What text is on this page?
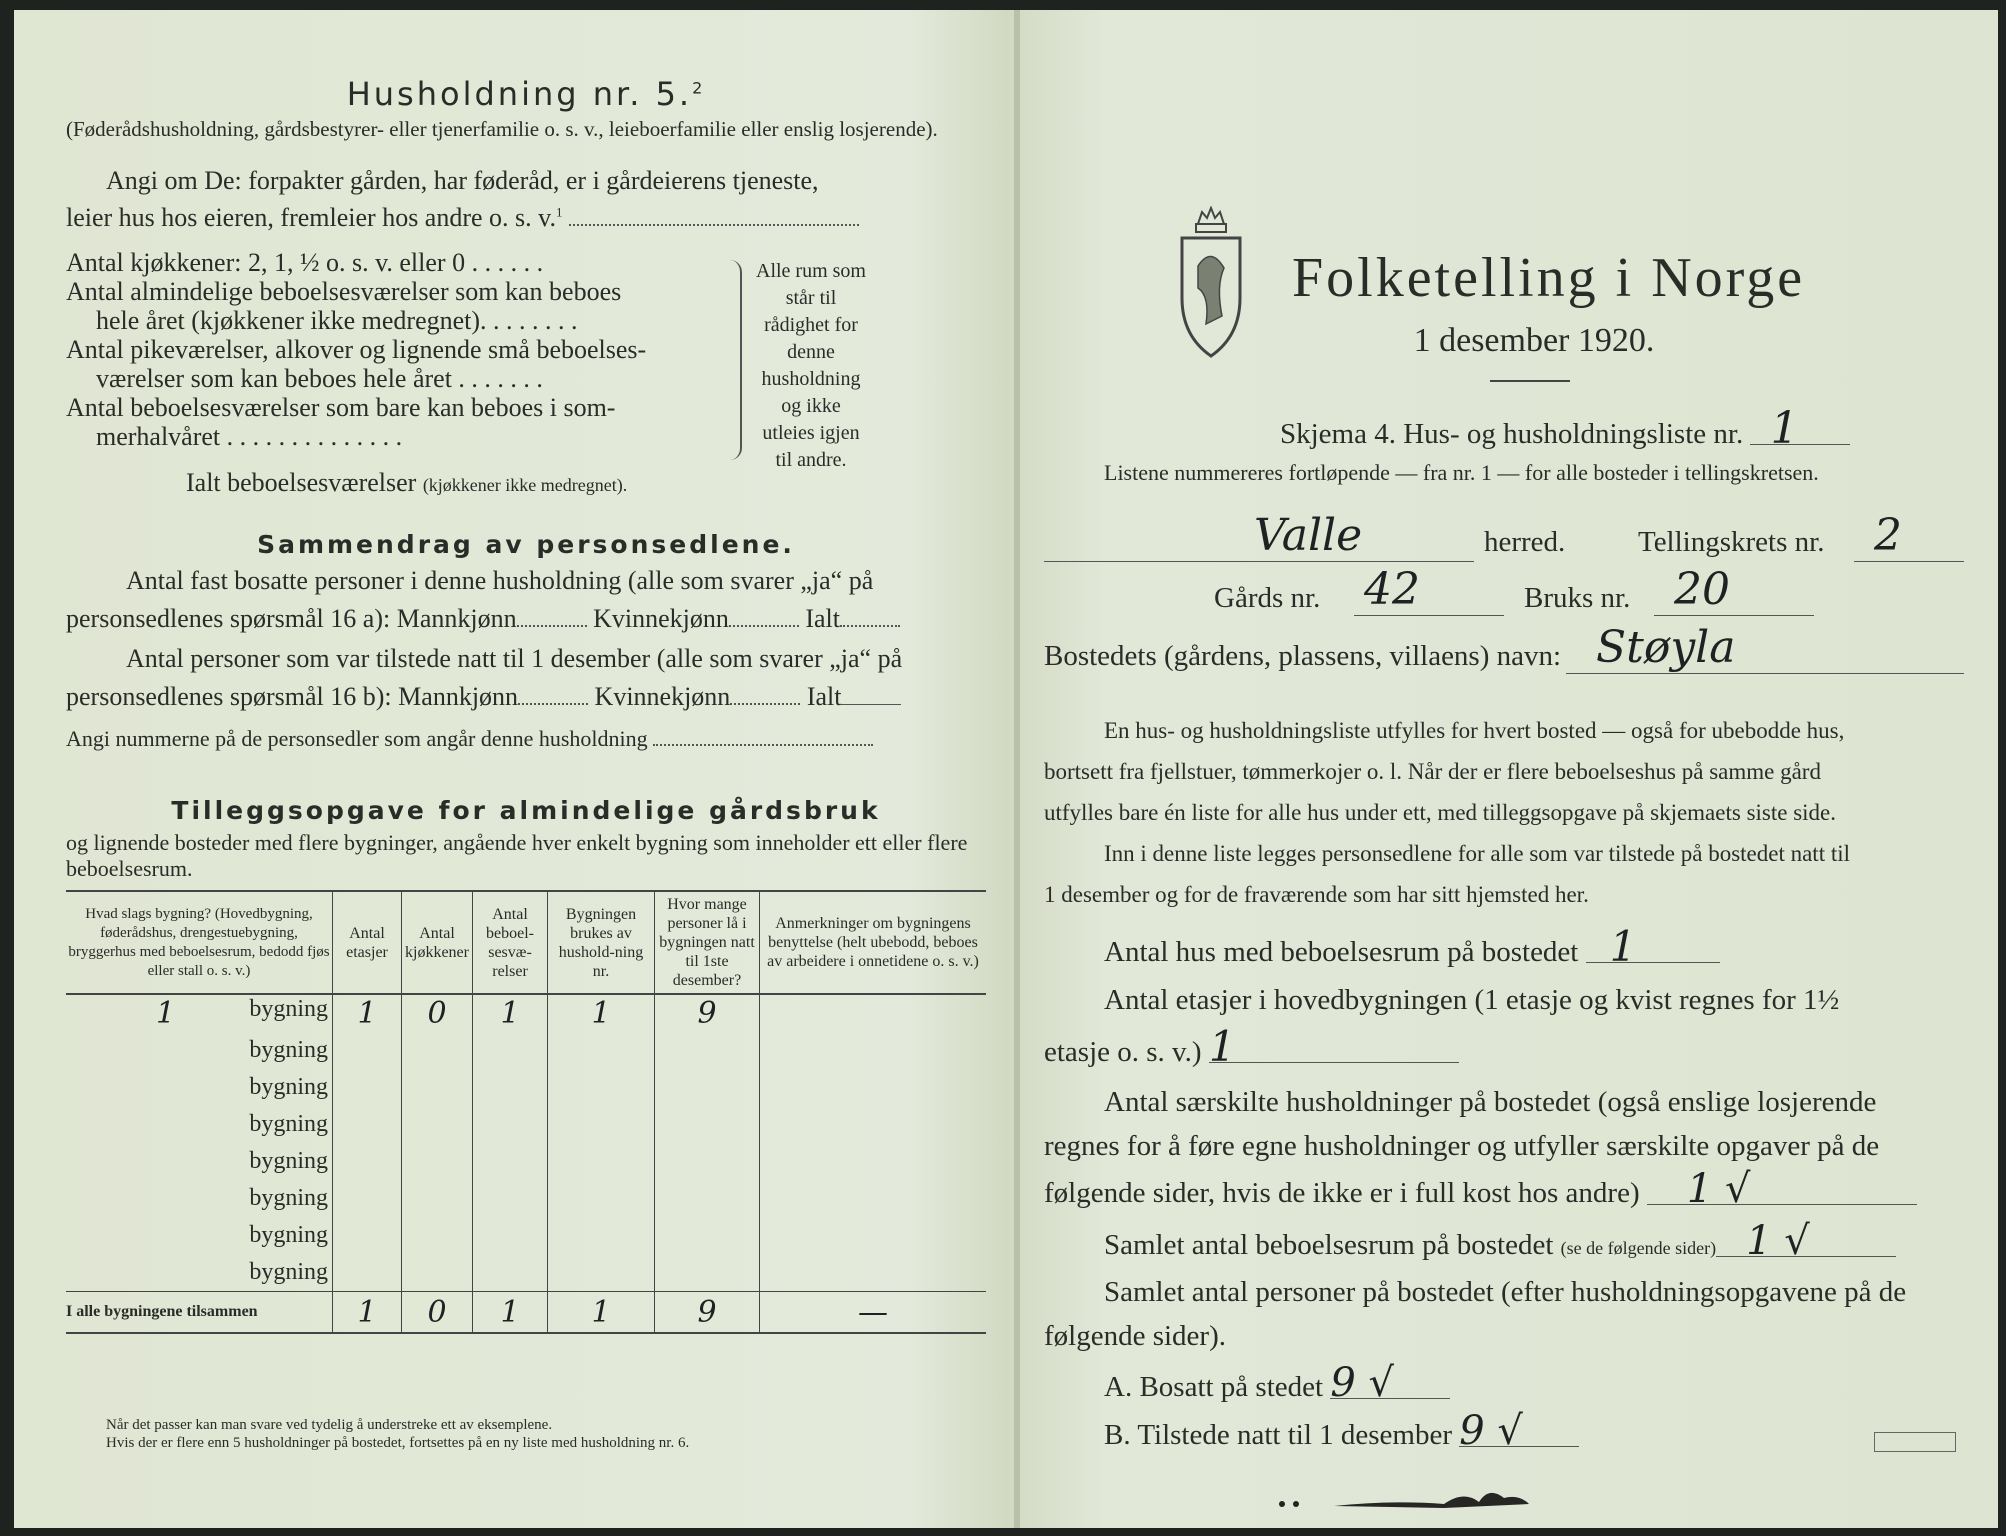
Husholdning nr. 5.$^2$
(Føderådshusholdning, gårdsbestyrer- eller tjenerfamilie o. s. v., leieboerfamilie eller enslig losjerende).
Angi om De: forpakter gården, har føderåd, er i gårdeierens tjeneste,
leier hus hos eieren, fremleier hos andre o. s. v.$^1$
Antal kjøkkener: 2, 1, ½ o. s. v. eller 0 . . . . . .
Antal almindelige beboelsesværelser som kan beboes
hele året (kjøkkener ikke medregnet). . . . . . . .
Antal pikeværelser, alkover og lignende små beboelses-
værelser som kan beboes hele året . . . . . . .
Antal beboelsesværelser som bare kan beboes i som-
merhalvåret . . . . . . . . . . . . . .
Alle rum som står til rådighet for denne husholdning og ikke utleies igjen til andre.
Ialt beboelsesværelser (kjøkkener ikke medregnet).
Sammendrag av personsedlene.
Antal fast bosatte personer i denne husholdning (alle som svarer „ja“ på
personsedlenes spørsmål 16 a): Mannkjønn	Kvinnekjønn	Ialt
Antal personer som var tilstede natt til 1 desember (alle som svarer „ja“ på
personsedlenes spørsmål 16 b): Mannkjønn	Kvinnekjønn	Ialt
Angi nummerne på de personsedler som angår denne husholdning
Tilleggsopgave for almindelige gårdsbruk
og lignende bosteder med flere bygninger, angående hver enkelt bygning som inneholder ett eller flere beboelsesrum.
Når det passer kan man svare ved tydelig å understreke ett av eksemplene.
Hvis der er flere enn 5 husholdninger på bostedet, fortsettes på en ny liste med husholdning nr. 6.
Hvad slags bygning? (Hovedbygning, føderådshus, drengestuebygning, bryggerhus med beboelsesrum, bedodd fjøs eller stall o. s. v.)	Antal etasjer	Antal kjøkkener	Antal beboel-sesvæ-relser	Bygningen brukes av hushold-ning nr.	Hvor mange personer lå i bygningen natt til 1ste desember?	Anmerkninger om bygningens benyttelse (helt ubebodd, beboes av arbeidere i onnetidene o. s. v.)

1 bygning	1	0	1	1	9	

bygning						

bygning						

bygning						

bygning						

bygning						

bygning						

bygning						
I alle bygningene tilsammen	1	0	1	1	9	—
Folketelling i Norge
1 desember 1920.
Skjema 4. Hus- og husholdningsliste nr. 1
Listene nummereres fortløpende — fra nr. 1 — for alle bosteder i tellingskretsen.
Valle	herred.	Tellingskrets nr.	2
Gårds nr. 42	Bruks nr. 20
Bostedets (gårdens, plassens, villaens) navn: Støyla
En hus- og husholdningsliste utfylles for hvert bosted — også for ubebodde hus,
bortsett fra fjellstuer, tømmerkojer o. l. Når der er flere beboelseshus på samme gård
utfylles bare én liste for alle hus under ett, med tilleggsopgave på skjemaets siste side.
Inn i denne liste legges personsedlene for alle som var tilstede på bostedet natt til
1 desember og for de fraværende som har sitt hjemsted her.
Antal hus med beboelsesrum på bostedet 1
Antal etasjer i hovedbygningen (1 etasje og kvist regnes for 1½
etasje o. s. v.) 1
Antal særskilte husholdninger på bostedet (også enslige losjerende
regnes for å føre egne husholdninger og utfyller særskilte opgaver på de
følgende sider, hvis de ikke er i full kost hos andre) 1 √
Samlet antal beboelsesrum på bostedet (se de følgende sider) 1 √
Samlet antal personer på bostedet (efter husholdningsopgavene på de
følgende sider).
A. Bosatt på stedet 9 √
B. Tilstede natt til 1 desember 9 √
